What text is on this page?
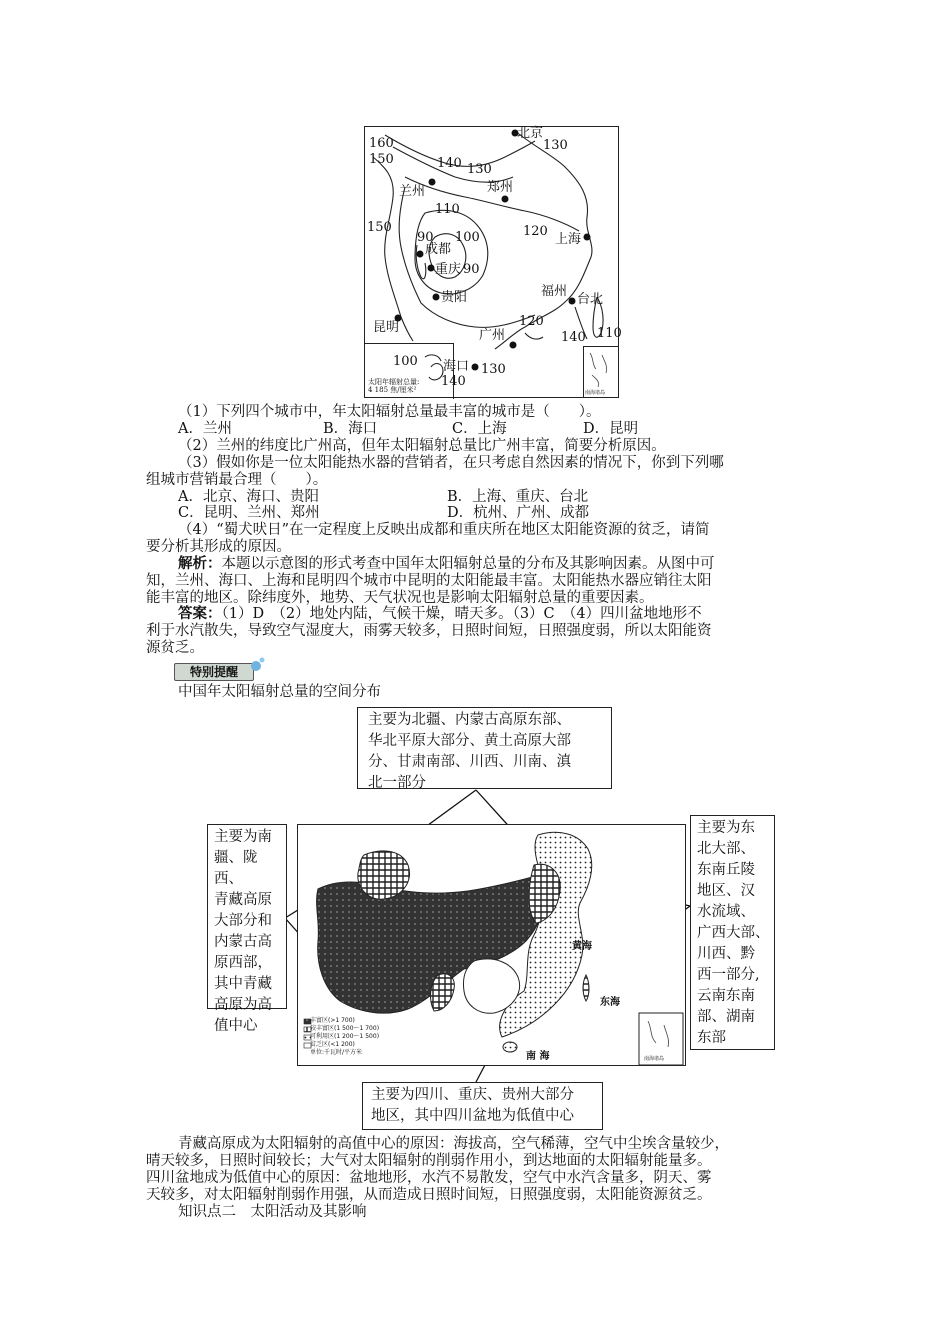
北京
郑州
兰州
上海
成都
重庆
贵阳	福州
台北
昆明
广州
海口
160
150	140 130
130
110
100
150
90	120
90
120
140 110
100
140
130
太阳年辐射总量:
4 185 焦/厘米²	南海诸岛
（1）下列四个城市中，年太阳辐射总量最丰富的城市是（　　）。
A．兰州	B．海口	C．上海	D．昆明
（2）兰州的纬度比广州高，但年太阳辐射总量比广州丰富，简要分析原因。
（3）假如你是一位太阳能热水器的营销者，在只考虑自然因素的情况下，你到下列哪
组城市营销最合理（　　）。
A．北京、海口、贵阳	B．上海、重庆、台北
C．昆明、兰州、郑州	D．杭州、广州、成都
（4）“蜀犬吠日”在一定程度上反映出成都和重庆所在地区太阳能资源的贫乏，请简
要分析其形成的原因。
解析：本题以示意图的形式考查中国年太阳辐射总量的分布及其影响因素。从图中可
知，兰州、海口、上海和昆明四个城市中昆明的太阳能最丰富。太阳能热水器应销往太阳
能丰富的地区。除纬度外，地势、天气状况也是影响太阳辐射总量的重要因素。
答案：（1）D　（2）地处内陆，气候干燥，晴天多。（3）C　（4）四川盆地地形不
利于水汽散失，导致空气湿度大，雨雾天较多，日照时间短，日照强度弱，所以太阳能资
源贫乏。
特别提醒
中国年太阳辐射总量的空间分布
主要为北疆、内蒙古高原东部、
华北平原大部分、黄土高原大部
分、甘肃南部、川西、川南、滇
北一部分
主要为南
疆、陇西、
青藏高原
大部分和
内蒙古高
原西部，
其中青藏
高原为高
值中心
主要为东
北大部、
东南丘陵
地区、汉
水流域、
广西大部、
川西、黔
西一部分,
云南东南
部、湖南
东部
丰富区(>1 700)
较丰富区(1 500～1 700)
可利用区(1 200～1 500)
贫乏区(<1 200)
单位:千瓦时/平方米
黄海
东海
南 海	南海诸岛
主要为四川、重庆、贵州大部分
地区，其中四川盆地为低值中心
青藏高原成为太阳辐射的高值中心的原因：海拔高，空气稀薄，空气中尘埃含量较少，
晴天较多，日照时间较长；大气对太阳辐射的削弱作用小，到达地面的太阳辐射能量多。
四川盆地成为低值中心的原因：盆地地形，水汽不易散发，空气中水汽含量多，阴天、雾
天较多，对太阳辐射削弱作用强，从而造成日照时间短，日照强度弱，太阳能资源贫乏。
知识点二　太阳活动及其影响
